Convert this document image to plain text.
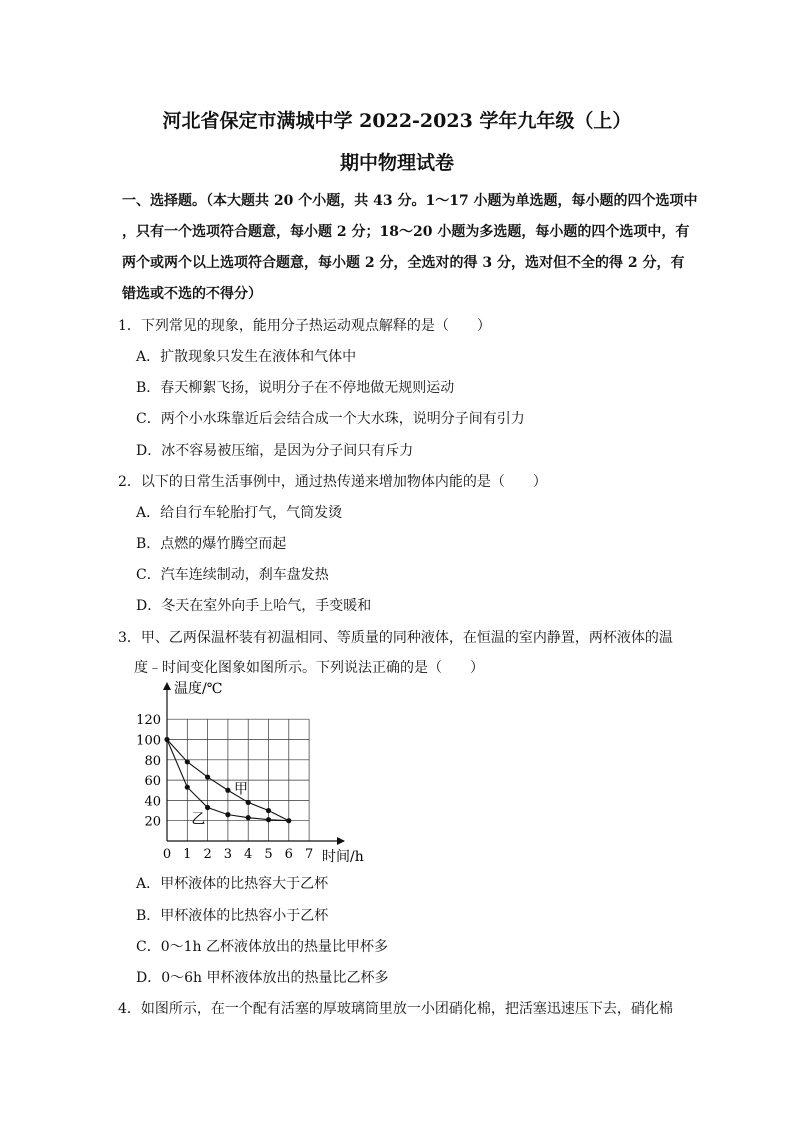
河北省保定市满城中学 2022-2023 学年九年级（上）
期中物理试卷
一、选择题。（本大题共 20 个小题，共 43 分。1～17 小题为单选题，每小题的四个选项中
，只有一个选项符合题意，每小题 2 分；18～20 小题为多选题，每小题的四个选项中，有
两个或两个以上选项符合题意，每小题 2 分，全选对的得 3 分，选对但不全的得 2 分，有
错选或不选的不得分）
1．下列常见的现象，能用分子热运动观点解释的是（　　）
A．扩散现象只发生在液体和气体中
B．春天柳絮飞扬，说明分子在不停地做无规则运动
C．两个小水珠靠近后会结合成一个大水珠，说明分子间有引力
D．冰不容易被压缩，是因为分子间只有斥力
2．以下的日常生活事例中，通过热传递来增加物体内能的是（　　）
A．给自行车轮胎打气，气筒发烫
B．点燃的爆竹腾空而起
C．汽车连续制动，刹车盘发热
D．冬天在室外向手上哈气，手变暖和
3．甲、乙两保温杯装有初温相同、等质量的同种液体，在恒温的室内静置，两杯液体的温
度﹣时间变化图象如图所示。下列说法正确的是（　　）
0 1 2 3 4 5 6 7
20
40
60
80
100
120
温度/℃
时间/h
甲
乙
A．甲杯液体的比热容大于乙杯
B．甲杯液体的比热容小于乙杯
C．0～1h 乙杯液体放出的热量比甲杯多
D．0～6h 甲杯液体放出的热量比乙杯多
4．如图所示，在一个配有活塞的厚玻璃筒里放一小团硝化棉，把活塞迅速压下去，硝化棉
